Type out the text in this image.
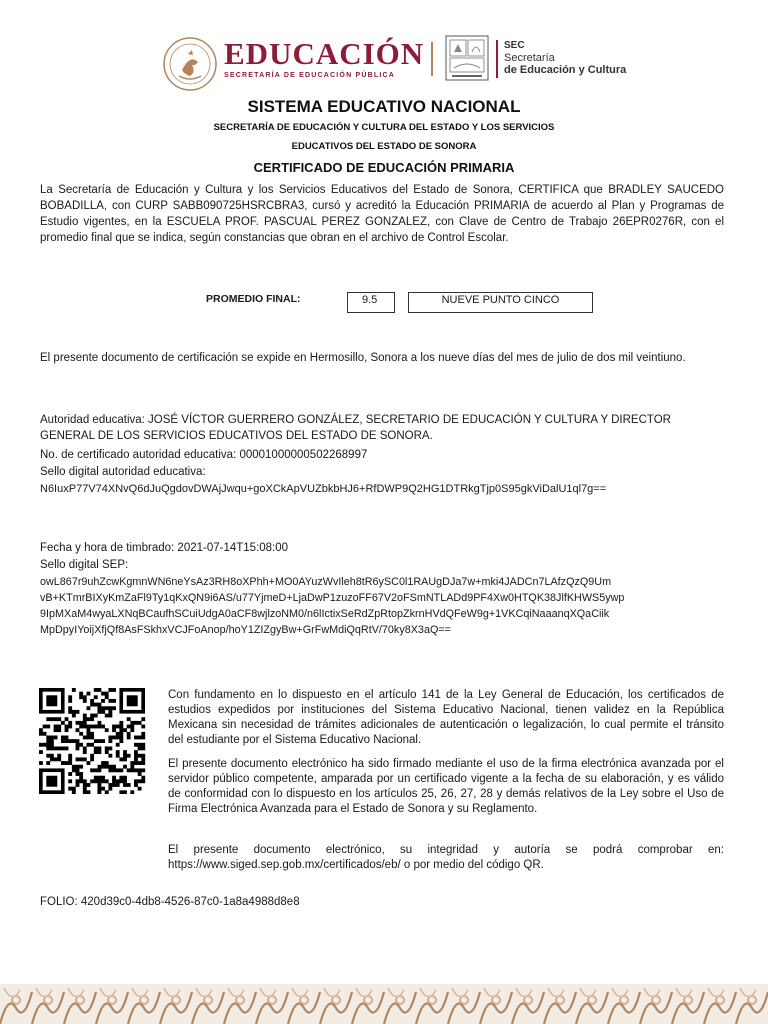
EDUCACIÓN
SECRETARÍA DE EDUCACIÓN PÚBLICA
SEC
Secretaría
de Educación y Cultura
SISTEMA EDUCATIVO NACIONAL
SECRETARÍA DE EDUCACIÓN Y CULTURA DEL ESTADO Y LOS SERVICIOS
EDUCATIVOS DEL ESTADO DE SONORA
CERTIFICADO DE EDUCACIÓN PRIMARIA
La Secretaría de Educación y Cultura y los Servicios Educativos del Estado de Sonora, CERTIFICA que BRADLEY SAUCEDO BOBADILLA, con CURP SABB090725HSRCBRA3, cursó y acreditó la Educación PRIMARIA de acuerdo al Plan y Programas de Estudio vigentes, en la ESCUELA PROF. PASCUAL PEREZ GONZALEZ, con Clave de Centro de Trabajo 26EPR0276R, con el promedio final que se indica, según constancias que obran en el archivo de Control Escolar.
PROMEDIO FINAL:	9.5	NUEVE PUNTO CINCO
El presente documento de certificación se expide en Hermosillo, Sonora a los nueve días del mes de julio de dos mil veintiuno.
Autoridad educativa: JOSÉ VÍCTOR GUERRERO GONZÁLEZ, SECRETARIO DE EDUCACIÓN Y CULTURA Y DIRECTOR GENERAL DE LOS SERVICIOS EDUCATIVOS DEL ESTADO DE SONORA.
No. de certificado autoridad educativa: 00001000000502268997
Sello digital autoridad educativa:
N6IuxP77V74XNvQ6dJuQgdovDWAjJwqu+goXCkApVUZbkbHJ6+RfDWP9Q2HG1DTRkgTjp0S95gkViDalU1ql7g==
Fecha y hora de timbrado: 2021-07-14T15:08:00
Sello digital SEP:
owL867r9uhZcwKgmnWN6neYsAz3RH8oXPhh+MO0AYuzWvIleh8tR6ySC0l1RAUgDJa7w+mki4JADCn7LAfzQzQ9Um
vB+KTmrBIXyKmZaFl9Ty1qKxQN9i6AS/u77YjmeD+LjaDwP1zuzoFF67V2oFSmNTLADd9PF4Xw0HTQK38JlfKHWS5ywp
9IpMXaM4wyaLXNqBCaufhSCuiUdgA0aCF8wjlzoNM0/n6lIctixSeRdZpRtopZkrnHVdQFeW9g+1VKCqiNaaanqXQaCiik
MpDpyIYoijXfjQf8AsFSkhxVCJFoAnop/hoY1ZIZgyBw+GrFwMdiQqRtV/70ky8X3aQ==
Con fundamento en lo dispuesto en el artículo 141 de la Ley General de Educación, los certificados de estudios expedidos por instituciones del Sistema Educativo Nacional, tienen validez en la República Mexicana sin necesidad de trámites adicionales de autenticación o legalización, lo cual permite el tránsito del estudiante por el Sistema Educativo Nacional.
El presente documento electrónico ha sido firmado mediante el uso de la firma electrónica avanzada por el servidor público competente, amparada por un certificado vigente a la fecha de su elaboración, y es válido de conformidad con lo dispuesto en los artículos 25, 26, 27, 28 y demás relativos de la Ley sobre el Uso de Firma Electrónica Avanzada para el Estado de Sonora y su Reglamento.
El presente documento electrónico, su integridad y autoría se podrá comprobar en: https://www.siged.sep.gob.mx/certificados/eb/ o por medio del código QR.
FOLIO: 420d39c0-4db8-4526-87c0-1a8a4988d8e8
